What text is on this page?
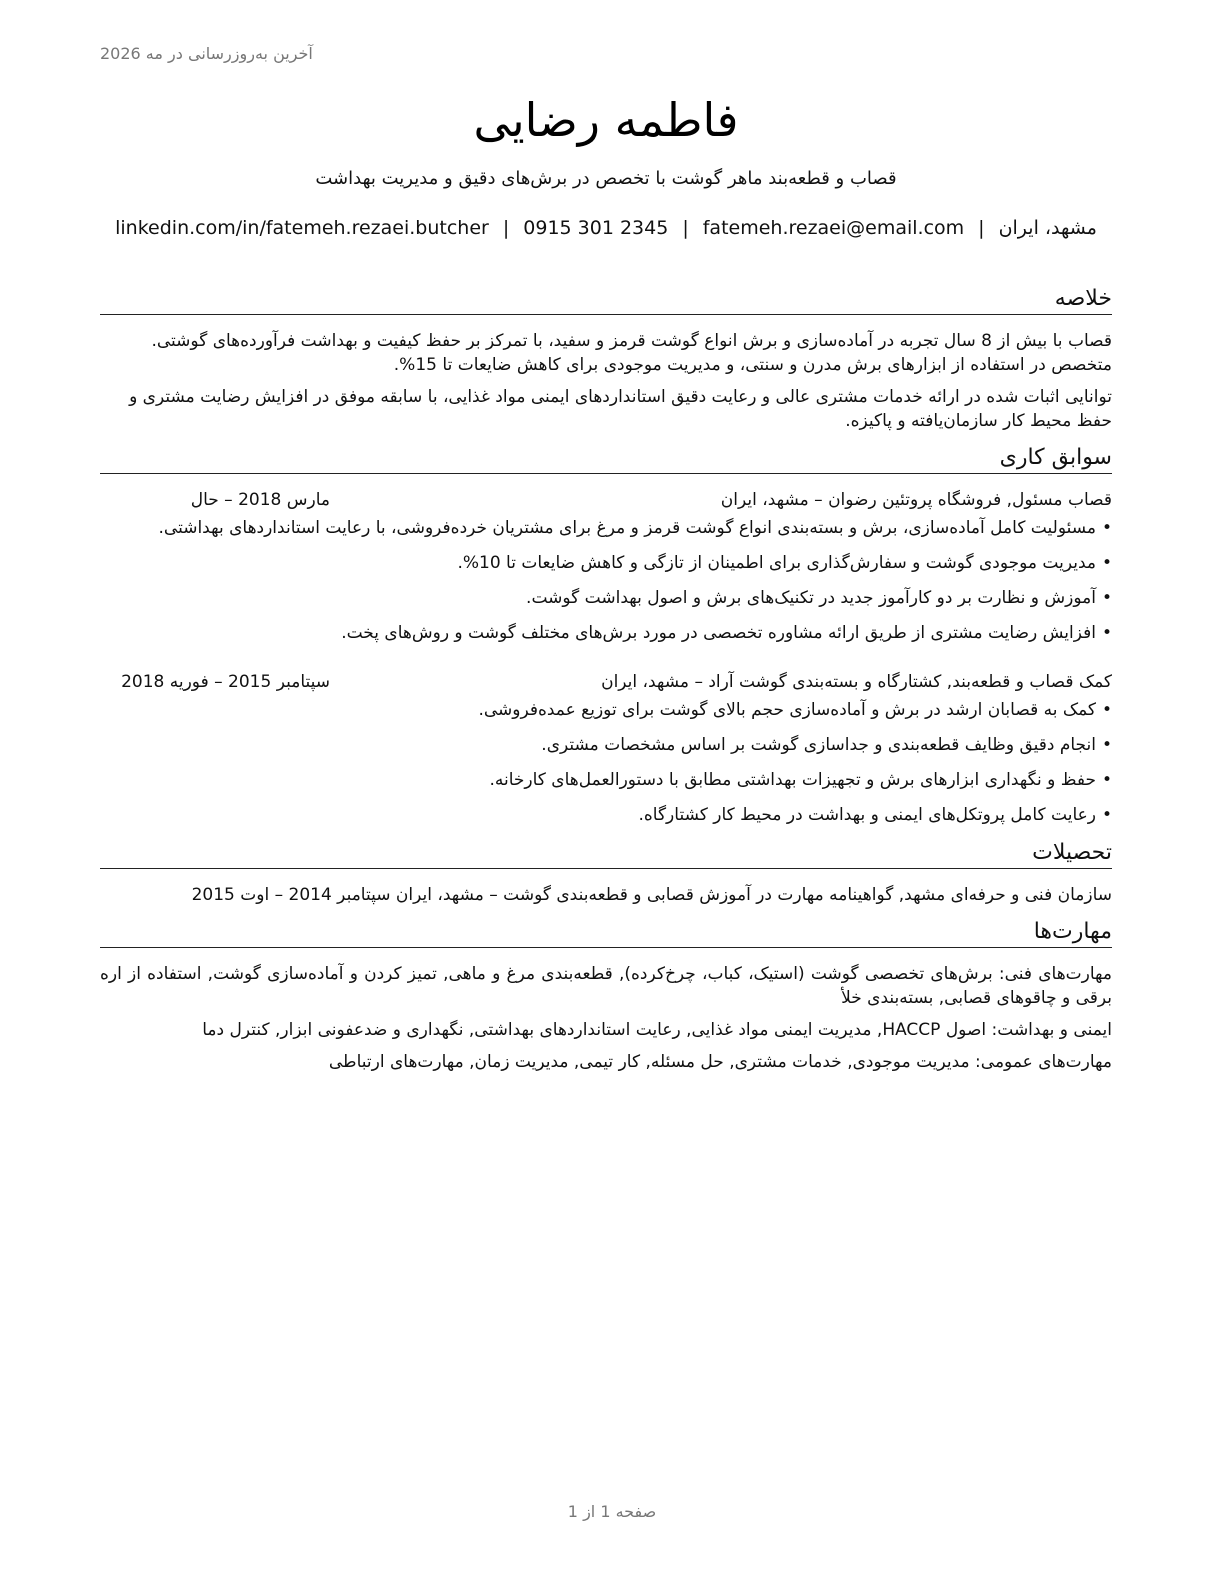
آخرین به‌روزرسانی در مه 2026
فاطمه رضایی
قصاب و قطعه‌بند ماهر گوشت با تخصص در برش‌های دقیق و مدیریت بهداشت
مشهد، ایران|fatemeh.rezaei@email.com|0915 301 2345|linkedin.com/in/fatemeh.rezaei.butcher
خلاصه

قصاب با بیش از 8 سال تجربه در آماده‌سازی و برش انواع گوشت قرمز و سفید، با تمرکز بر حفظ کیفیت و بهداشت فرآورده‌های گوشتی. متخصص در استفاده از ابزارهای برش مدرن و سنتی، و مدیریت موجودی برای کاهش ضایعات تا 15%.

توانایی اثبات شده در ارائه خدمات مشتری عالی و رعایت دقیق استانداردهای ایمنی مواد غذایی، با سابقه موفق در افزایش رضایت مشتری و حفظ محیط کار سازمان‌یافته و پاکیزه.

سوابق کاری
قصاب مسئول, فروشگاه پروتئین رضوان – مشهد، ایران
مارس 2018 – حال
• مسئولیت کامل آماده‌سازی، برش و بسته‌بندی انواع گوشت قرمز و مرغ برای مشتریان خرده‌فروشی، با رعایت استانداردهای بهداشتی.
• مدیریت موجودی گوشت و سفارش‌گذاری برای اطمینان از تازگی و کاهش ضایعات تا 10%.
• آموزش و نظارت بر دو کارآموز جدید در تکنیک‌های برش و اصول بهداشت گوشت.
• افزایش رضایت مشتری از طریق ارائه مشاوره تخصصی در مورد برش‌های مختلف گوشت و روش‌های پخت.
کمک قصاب و قطعه‌بند, کشتارگاه و بسته‌بندی گوشت آراد – مشهد، ایران
سپتامبر 2015 – فوریه 2018
• کمک به قصابان ارشد در برش و آماده‌سازی حجم بالای گوشت برای توزیع عمده‌فروشی.
• انجام دقیق وظایف قطعه‌بندی و جداسازی گوشت بر اساس مشخصات مشتری.
• حفظ و نگهداری ابزارهای برش و تجهیزات بهداشتی مطابق با دستورالعمل‌های کارخانه.
• رعایت کامل پروتکل‌های ایمنی و بهداشت در محیط کار کشتارگاه.
تحصیلات

سازمان فنی و حرفه‌ای مشهد, گواهینامه مهارت در آموزش قصابی و قطعه‌بندی گوشت – مشهد، ایران سپتامبر 2014 – اوت 2015

مهارت‌ها
مهارت‌های فنی: برش‌های تخصصی گوشت (استیک، کباب، چرخ‌کرده), قطعه‌بندی مرغ و ماهی, تمیز کردن و آماده‌سازی گوشت, استفاده از اره برقی و چاقوهای قصابی, بسته‌بندی خلأ
ایمنی و بهداشت: اصول HACCP, مدیریت ایمنی مواد غذایی, رعایت استانداردهای بهداشتی, نگهداری و ضدعفونی ابزار, کنترل دما
مهارت‌های عمومی: مدیریت موجودی, خدمات مشتری, حل مسئله, کار تیمی, مدیریت زمان, مهارت‌های ارتباطی
صفحه 1 از 1
